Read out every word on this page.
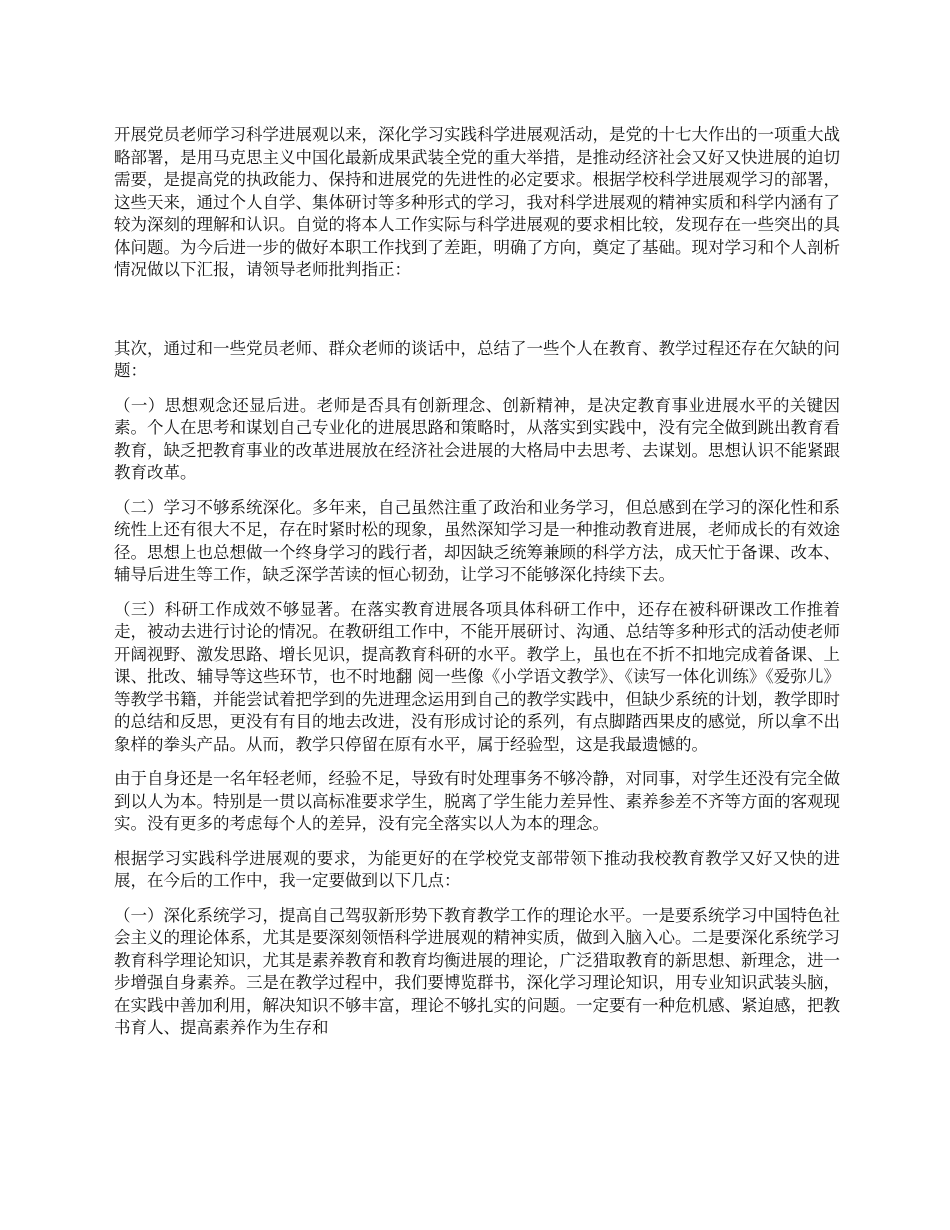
开展党员老师学习科学进展观以来，深化学习实践科学进展观活动，是党的十七大作出的一项重大战略部署，是用马克思主义中国化最新成果武装全党的重大举措，是推动经济社会又好又快进展的迫切需要，是提高党的执政能力、保持和进展党的先进性的必定要求。根据学校科学进展观学习的部署，这些天来，通过个人自学、集体研讨等多种形式的学习，我对科学进展观的精神实质和科学内涵有了较为深刻的理解和认识。自觉的将本人工作实际与科学进展观的要求相比较，发现存在一些突出的具体问题。为今后进一步的做好本职工作找到了差距，明确了方向，奠定了基础。现对学习和个人剖析情况做以下汇报，请领导老师批判指正：

其次，通过和一些党员老师、群众老师的谈话中，总结了一些个人在教育、教学过程还存在欠缺的问题：

（一）思想观念还显后进。老师是否具有创新理念、创新精神，是决定教育事业进展水平的关键因素。个人在思考和谋划自己专业化的进展思路和策略时，从落实到实践中，没有完全做到跳出教育看教育，缺乏把教育事业的改革进展放在经济社会进展的大格局中去思考、去谋划。思想认识不能紧跟教育改革。

（二）学习不够系统深化。多年来，自己虽然注重了政治和业务学习，但总感到在学习的深化性和系统性上还有很大不足，存在时紧时松的现象，虽然深知学习是一种推动教育进展，老师成长的有效途径。思想上也总想做一个终身学习的践行者，却因缺乏统筹兼顾的科学方法，成天忙于备课、改本、辅导后进生等工作，缺乏深学苦读的恒心韧劲，让学习不能够深化持续下去。

（三）科研工作成效不够显著。在落实教育进展各项具体科研工作中，还存在被科研课改工作推着走，被动去进行讨论的情况。在教研组工作中，不能开展研讨、沟通、总结等多种形式的活动使老师开阔视野、激发思路、增长见识，提高教育科研的水平。教学上，虽也在不折不扣地完成着备课、上课、批改、辅导等这些环节，也不时地翻 阅一些像《小学语文教学》、《读写一体化训练》《爱弥儿》等教学书籍，并能尝试着把学到的先进理念运用到自己的教学实践中，但缺少系统的计划，教学即时的总结和反思，更没有有目的地去改进，没有形成讨论的系列，有点脚踏西果皮的感觉，所以拿不出象样的拳头产品。从而，教学只停留在原有水平，属于经验型，这是我最遗憾的。

由于自身还是一名年轻老师，经验不足，导致有时处理事务不够冷静，对同事，对学生还没有完全做到以人为本。特别是一贯以高标准要求学生，脱离了学生能力差异性、素养参差不齐等方面的客观现实。没有更多的考虑每个人的差异，没有完全落实以人为本的理念。

根据学习实践科学进展观的要求，为能更好的在学校党支部带领下推动我校教育教学又好又快的进展，在今后的工作中，我一定要做到以下几点：

（一）深化系统学习，提高自己驾驭新形势下教育教学工作的理论水平。一是要系统学习中国特色社会主义的理论体系，尤其是要深刻领悟科学进展观的精神实质，做到入脑入心。二是要深化系统学习教育科学理论知识，尤其是素养教育和教育均衡进展的理论，广泛猎取教育的新思想、新理念，进一步增强自身素养。三是在教学过程中，我们要博览群书，深化学习理论知识，用专业知识武装头脑，在实践中善加利用，解决知识不够丰富，理论不够扎实的问题。一定要有一种危机感、紧迫感，把教书育人、提高素养作为生存和
